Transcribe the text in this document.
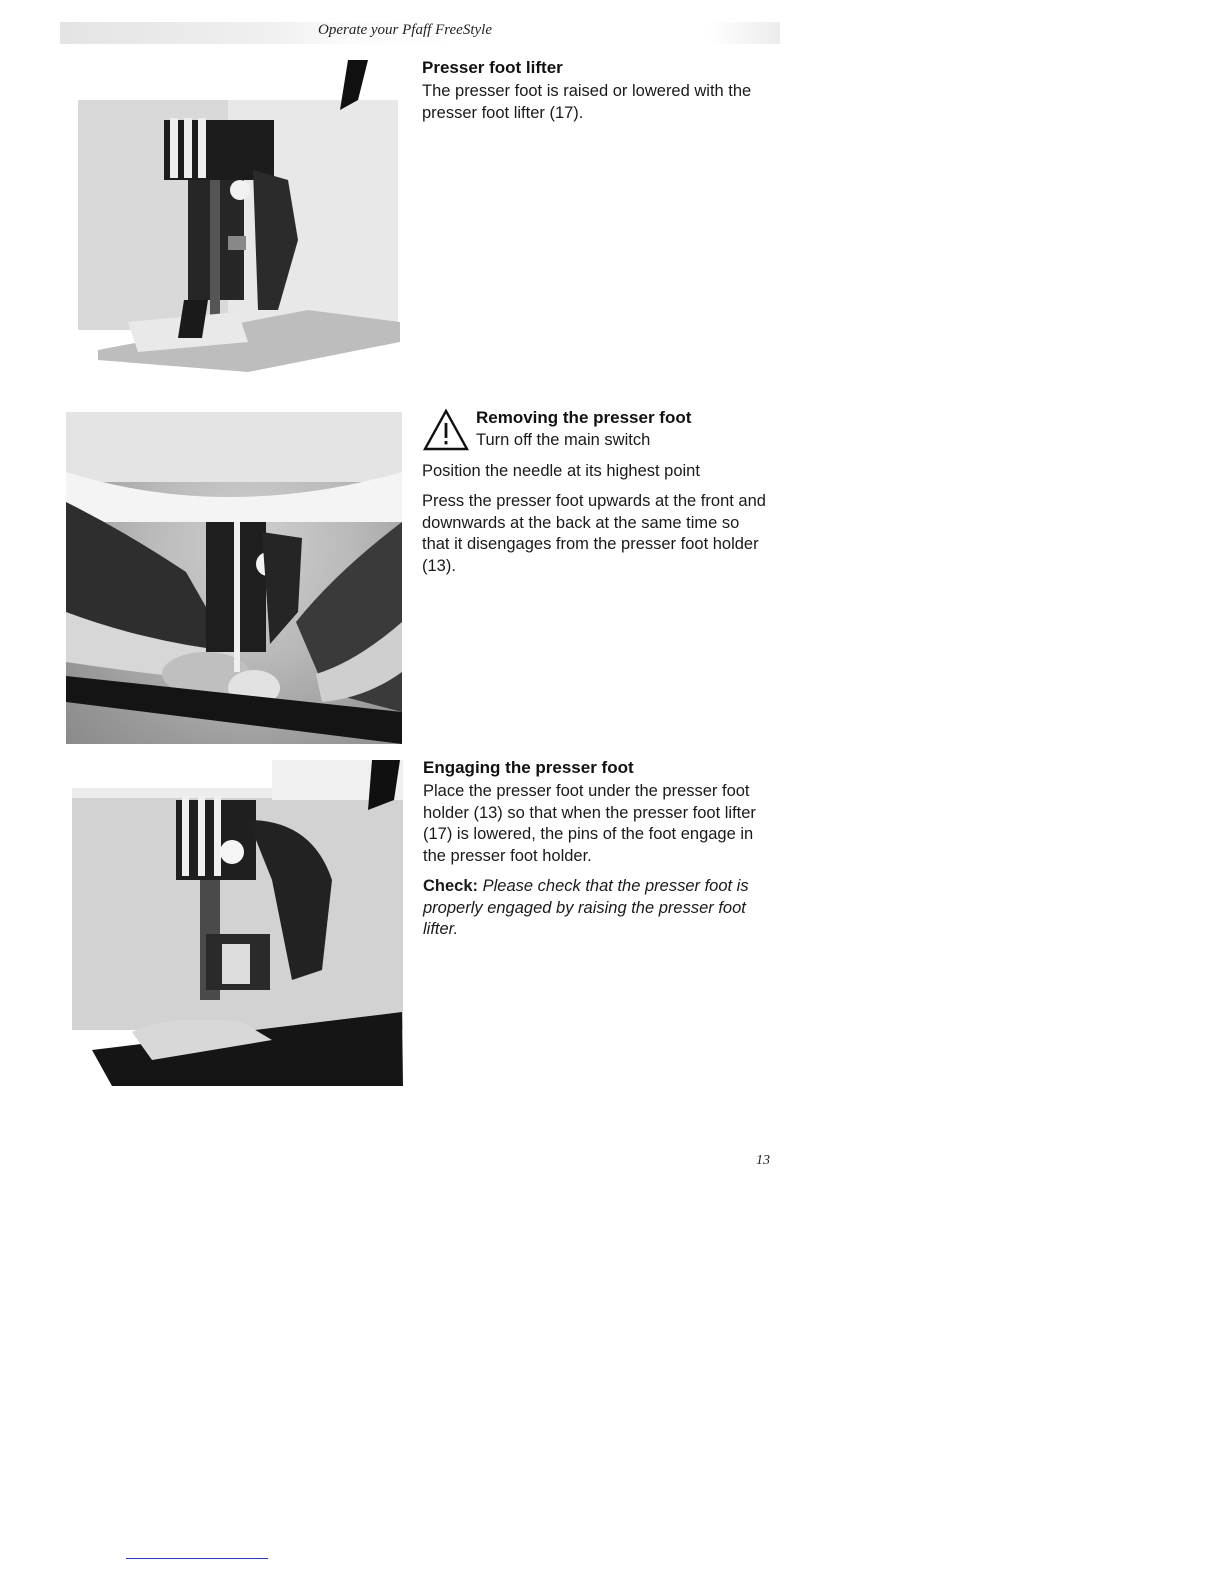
Operate your Pfaff FreeStyle
Presser foot lifter

The presser foot is raised or lowered with the presser foot lifter (17).

Removing the presser foot

Turn off the main switch

Position the needle at its highest point

Press the presser foot upwards at the front and downwards at the back at the same time so that it disengages from the presser foot holder (13).

Engaging the presser foot

Place the presser foot under the presser foot holder (13) so that when the presser foot lifter (17) is lowered, the pins of the foot engage in the presser foot holder.

Check: Please check that the presser foot is properly engaged by raising the presser foot lifter.

13
